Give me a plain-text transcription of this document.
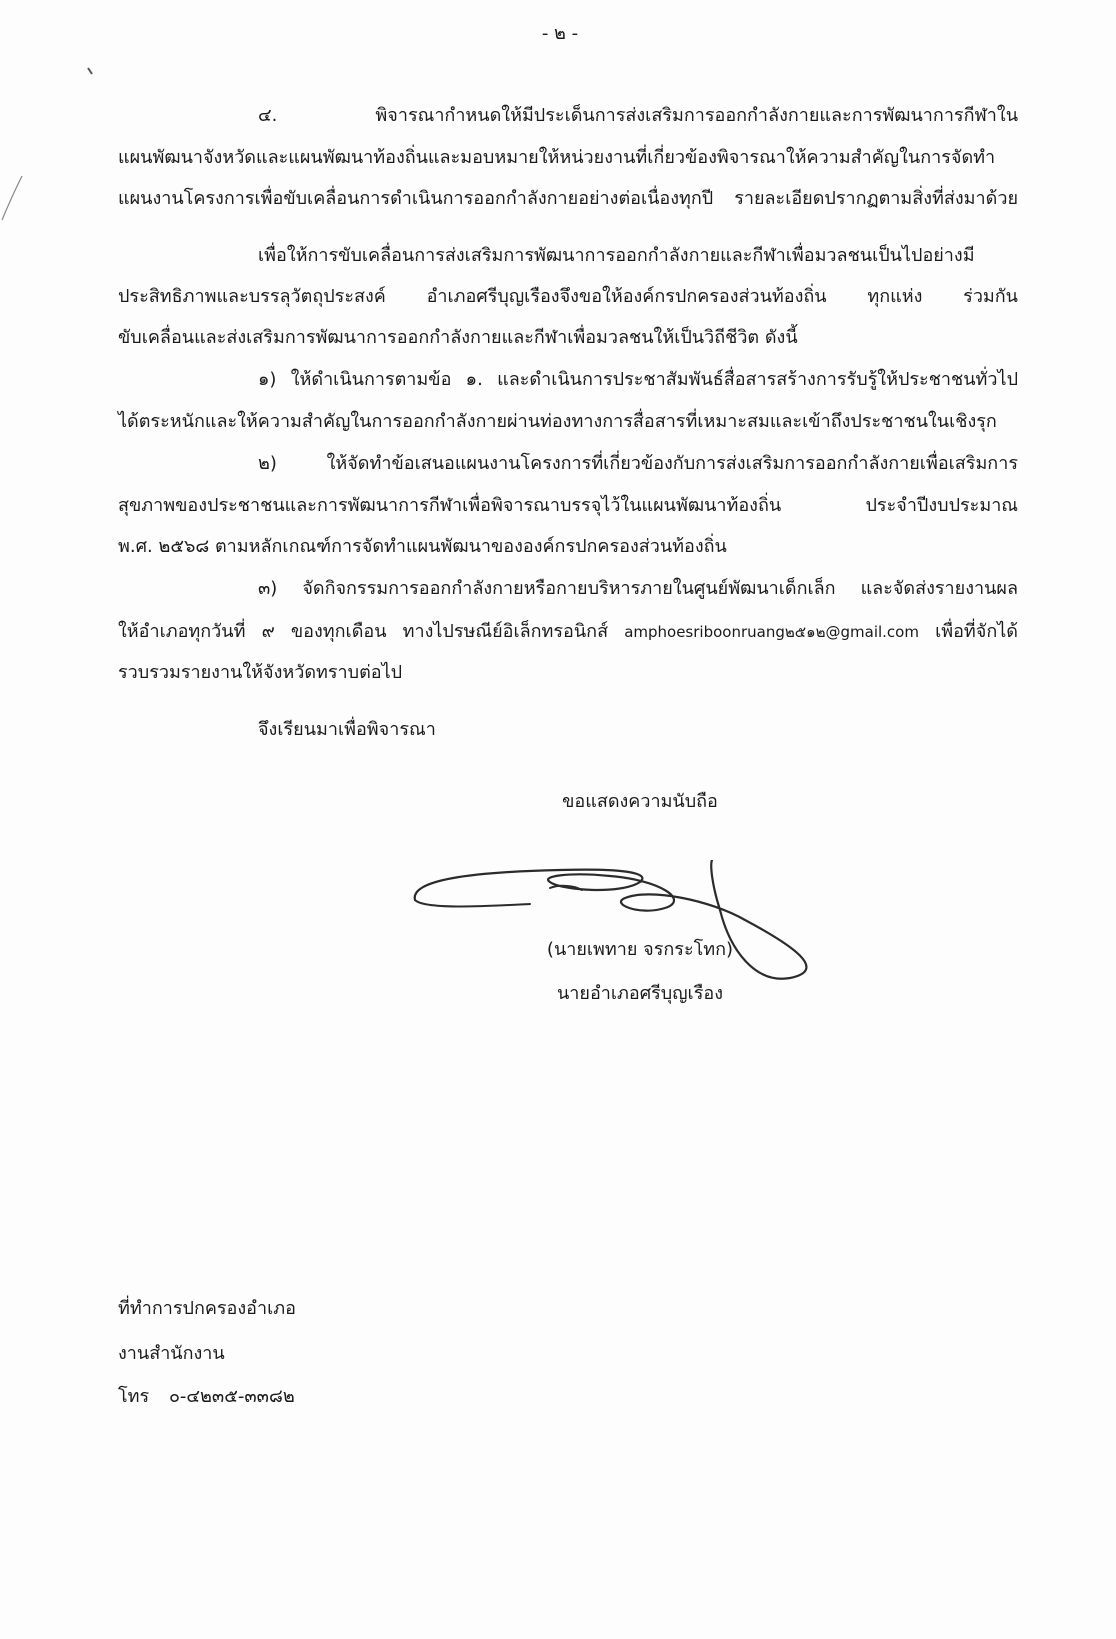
- ๒ -
๔. พิจารณากำหนดให้มีประเด็นการส่งเสริมการออกกำลังกายและการพัฒนาการกีฬาใน
แผนพัฒนาจังหวัดและแผนพัฒนาท้องถิ่นและมอบหมายให้หน่วยงานที่เกี่ยวข้องพิจารณาให้ความสำคัญในการจัดทำ
แผนงานโครงการเพื่อขับเคลื่อนการดำเนินการออกกำลังกายอย่างต่อเนื่องทุกปี รายละเอียดปรากฏตามสิ่งที่ส่งมาด้วย
เพื่อให้การขับเคลื่อนการส่งเสริมการพัฒนาการออกกำลังกายและกีฬาเพื่อมวลชนเป็นไปอย่างมี
ประสิทธิภาพและบรรลุวัตถุประสงค์ อำเภอศรีบุญเรืองจึงขอให้องค์กรปกครองส่วนท้องถิ่น ทุกแห่ง ร่วมกัน
ขับเคลื่อนและส่งเสริมการพัฒนาการออกกำลังกายและกีฬาเพื่อมวลชนให้เป็นวิถีชีวิต ดังนี้
๑) ให้ดำเนินการตามข้อ ๑. และดำเนินการประชาสัมพันธ์สื่อสารสร้างการรับรู้ให้ประชาชนทั่วไป
ได้ตระหนักและให้ความสำคัญในการออกกำลังกายผ่านท่องทางการสื่อสารที่เหมาะสมและเข้าถึงประชาชนในเชิงรุก
๒) ให้จัดทำข้อเสนอแผนงานโครงการที่เกี่ยวข้องกับการส่งเสริมการออกกำลังกายเพื่อเสริมการ
สุขภาพของประชาชนและการพัฒนาการกีฬาเพื่อพิจารณาบรรจุไว้ในแผนพัฒนาท้องถิ่น ประจำปีงบประมาณ
พ.ศ. ๒๕๖๘ ตามหลักเกณฑ์การจัดทำแผนพัฒนาขององค์กรปกครองส่วนท้องถิ่น
๓) จัดกิจกรรมการออกกำลังกายหรือกายบริหารภายในศูนย์พัฒนาเด็กเล็ก และจัดส่งรายงานผล
ให้อำเภอทุกวันที่ ๙ ของทุกเดือน ทางไปรษณีย์อิเล็กทรอนิกส์ amphoesriboonruang๒๕๑๒@gmail.com เพื่อที่จักได้
รวบรวมรายงานให้จังหวัดทราบต่อไป
จึงเรียนมาเพื่อพิจารณา
ขอแสดงความนับถือ
(นายเพทาย จรกระโทก)
นายอำเภอศรีบุญเรือง
ที่ทำการปกครองอำเภอ
งานสำนักงาน
โทร ๐-๔๒๓๕-๓๓๘๒
